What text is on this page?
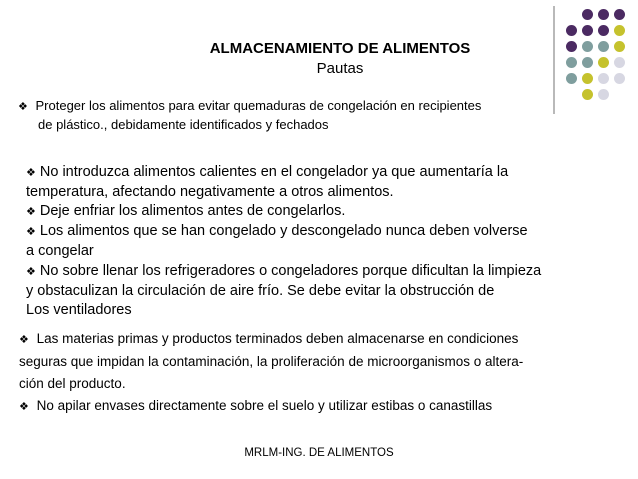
ALMACENAMIENTO DE ALIMENTOS
Pautas
❖ Proteger los alimentos para evitar quemaduras de congelación en recipientes
de plástico., debidamente identificados y fechados
❖ No introduzca alimentos calientes en el congelador ya que aumentaría la
temperatura, afectando negativamente a otros alimentos.
❖ Deje enfriar los alimentos antes de congelarlos.
❖ Los alimentos que se han congelado y descongelado nunca deben volverse
a congelar
❖ No sobre llenar los refrigeradores o congeladores porque dificultan la limpieza
y obstaculizan la circulación de aire frío. Se debe evitar la obstrucción de
Los ventiladores
❖ Las materias primas y productos terminados deben almacenarse en condiciones
seguras que impidan la contaminación, la proliferación de microorganismos o altera-
ción del producto.
❖ No apilar envases directamente sobre el suelo y utilizar estibas o canastillas
MRLM-ING. DE ALIMENTOS
